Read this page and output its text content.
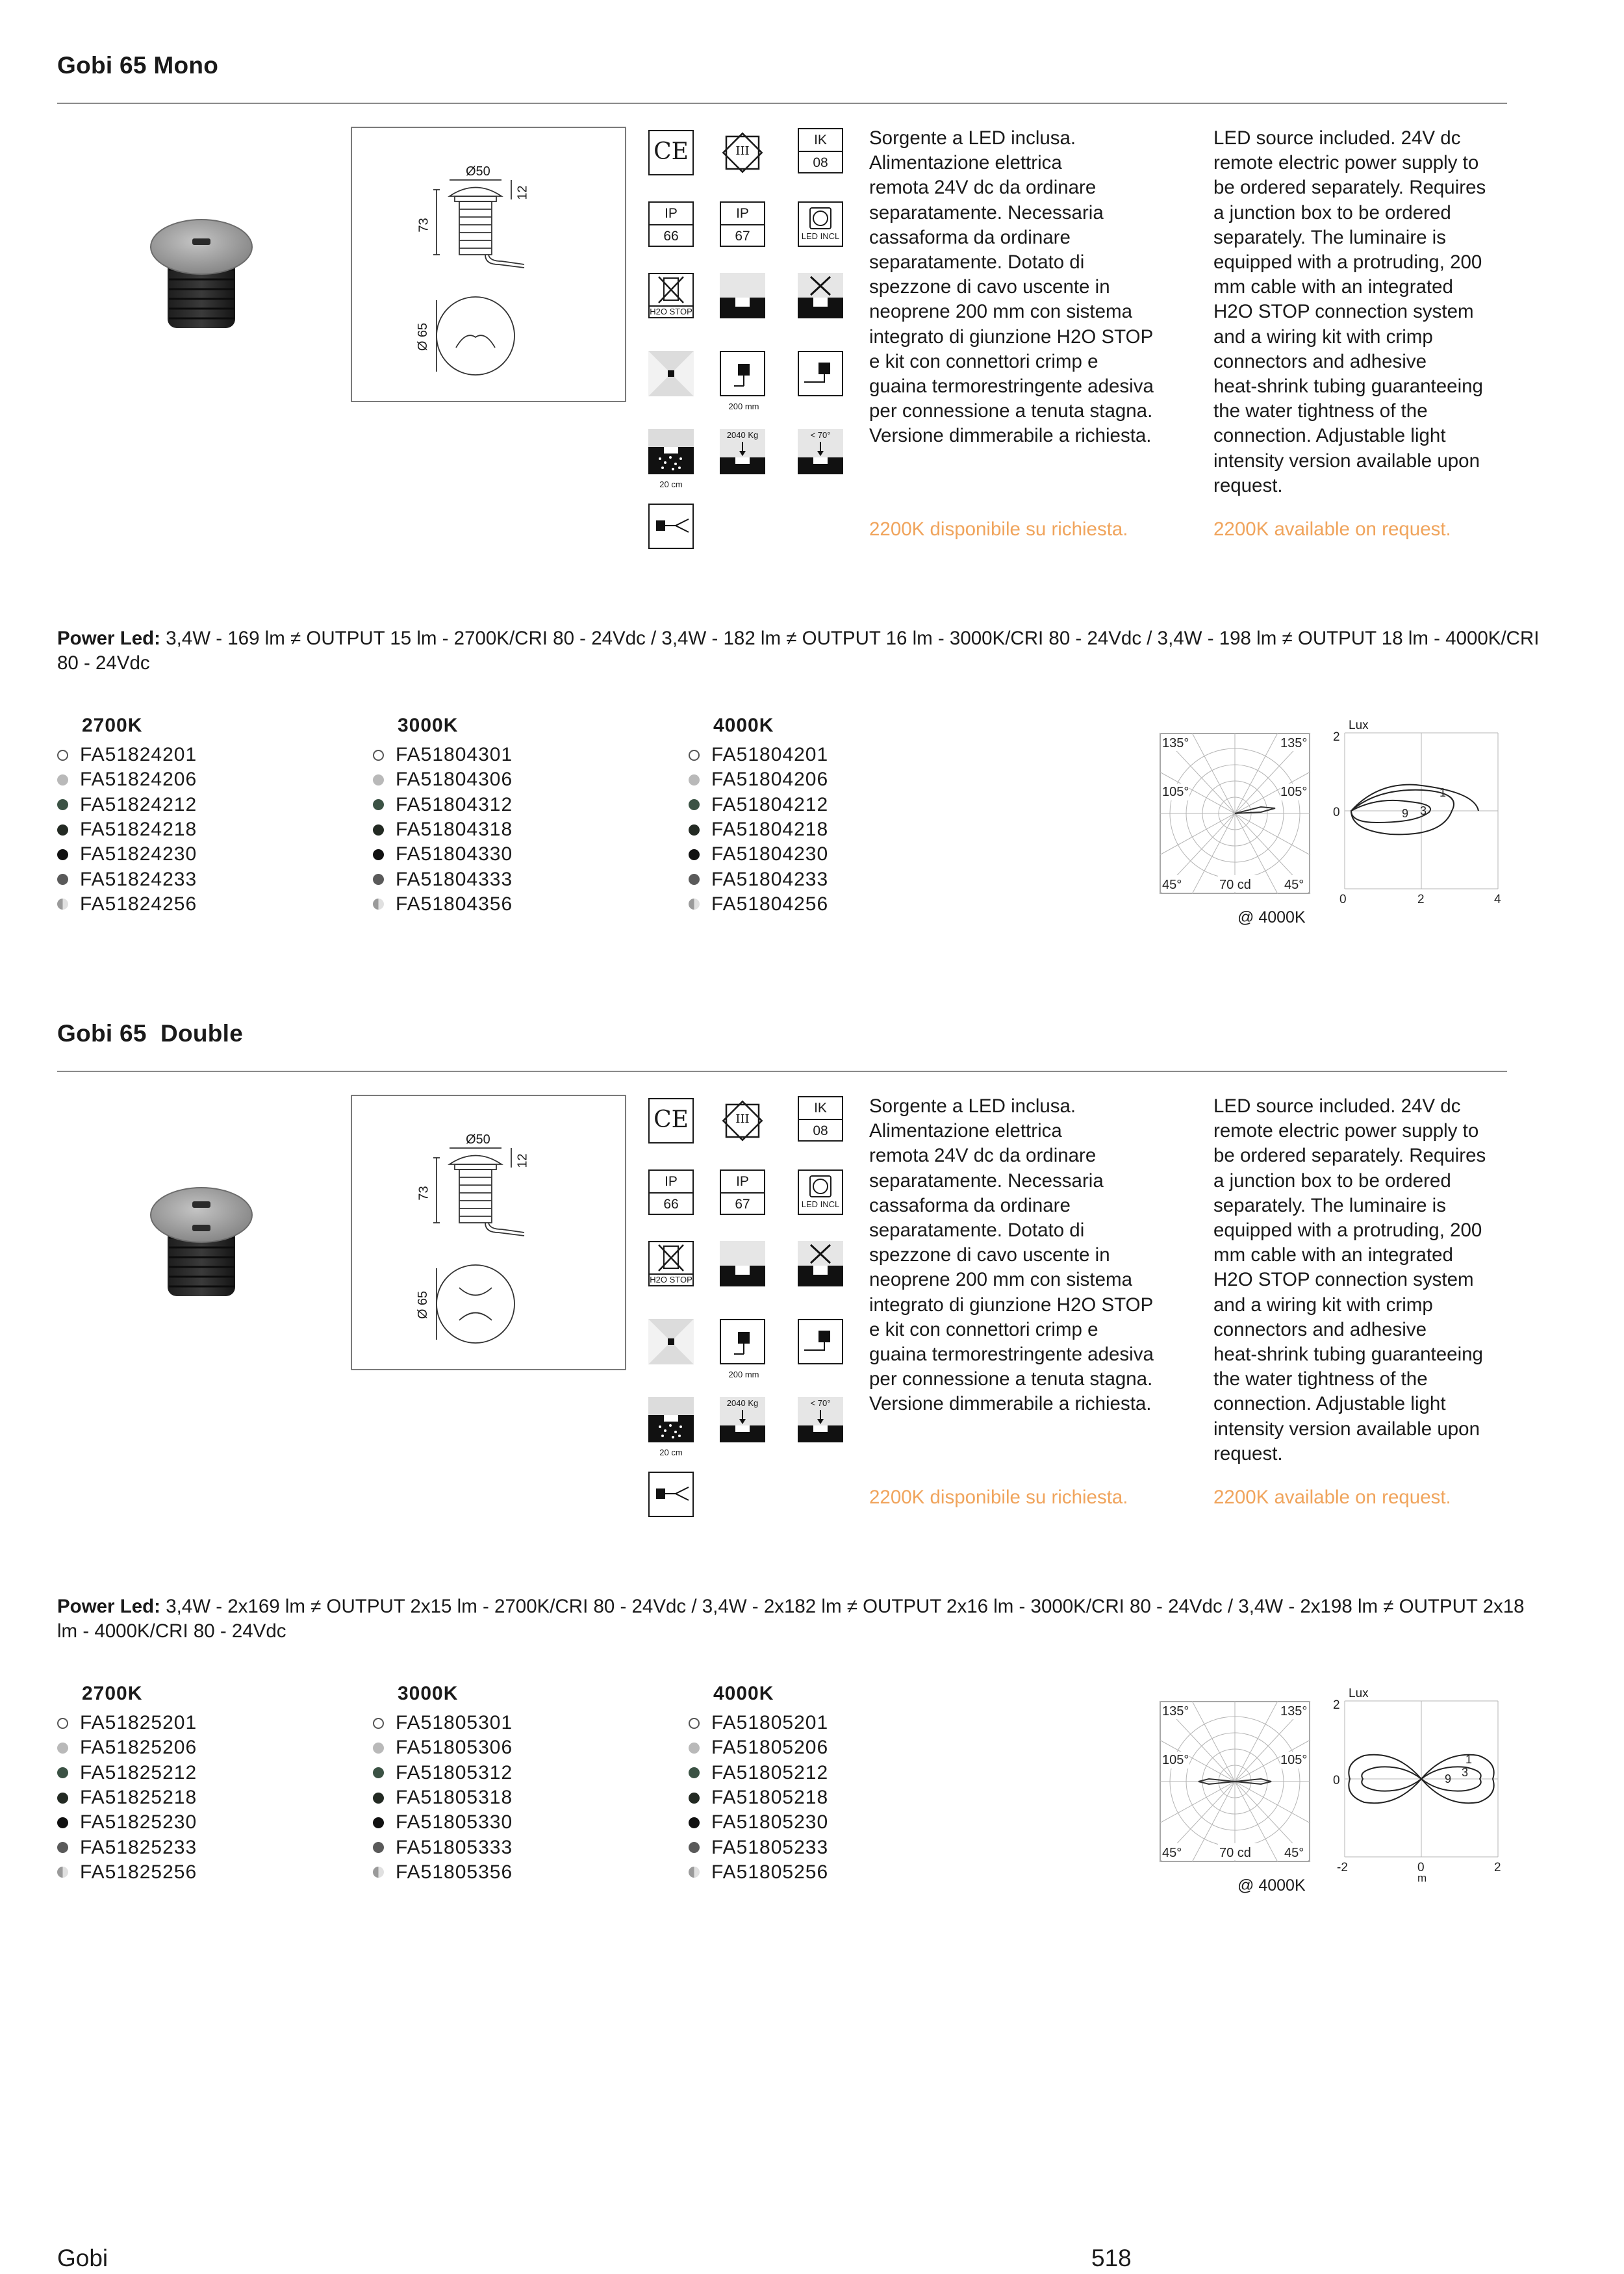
Gobi 65 Mono
Ø50
73
12
Ø 65
CE	III
IK
08
IP
66
IP
67	LED INCL
H2O STOP
200 mm
20 cm
2040 Kg	< 70°
Sorgente a LED inclusa.
Alimentazione elettrica
remota 24V dc da ordinare
separatamente. Necessaria
cassaforma da ordinare
separatamente. Dotato di
spezzone di cavo uscente in
neoprene 200 mm con sistema
integrato di giunzione H2O STOP
e kit con connettori crimp e
guaina termorestringente adesiva
per connessione a tenuta stagna.
Versione dimmerabile a richiesta.
LED source included. 24V dc
remote electric power supply to
be ordered separately. Requires
a junction box to be ordered
separately. The luminaire is
equipped with a protruding, 200
mm cable with an integrated
H2O STOP connection system
and a wiring kit with crimp
connectors and adhesive
heat-shrink tubing guaranteeing
the water tightness of the
connection. Adjustable light
intensity version available upon
request.
2200K disponibile su richiesta.	2200K available on request.
Power Led: 3,4W - 169 lm ≠ OUTPUT 15 lm - 2700K/CRI 80 - 24Vdc / 3,4W - 182 lm ≠ OUTPUT 16 lm - 3000K/CRI 80 - 24Vdc / 3,4W - 198 lm ≠ OUTPUT 18 lm - 4000K/CRI 80 - 24Vdc
2700K
FA51824201
FA51824206
FA51824212
FA51824218
FA51824230
FA51824233
FA51824256
3000K
FA51804301
FA51804306
FA51804312
FA51804318
FA51804330
FA51804333
FA51804356
4000K
FA51804201
FA51804206
FA51804212
FA51804218
FA51804230
FA51804233
FA51804256
135°	135°
105°	105°
45°	45°
70 cd
@ 4000K
Lux
2
0
0	2	4
9 3
1
Gobi 65  Double
Ø50
73
12
Ø 65
CE	III
IK
08
IP
66
IP
67	LED INCL
H2O STOP
200 mm
20 cm
2040 Kg	< 70°
Sorgente a LED inclusa.
Alimentazione elettrica
remota 24V dc da ordinare
separatamente. Necessaria
cassaforma da ordinare
separatamente. Dotato di
spezzone di cavo uscente in
neoprene 200 mm con sistema
integrato di giunzione H2O STOP
e kit con connettori crimp e
guaina termorestringente adesiva
per connessione a tenuta stagna.
Versione dimmerabile a richiesta.
LED source included. 24V dc
remote electric power supply to
be ordered separately. Requires
a junction box to be ordered
separately. The luminaire is
equipped with a protruding, 200
mm cable with an integrated
H2O STOP connection system
and a wiring kit with crimp
connectors and adhesive
heat-shrink tubing guaranteeing
the water tightness of the
connection. Adjustable light
intensity version available upon
request.
2200K disponibile su richiesta.	2200K available on request.
Power Led: 3,4W - 2x169 lm ≠ OUTPUT 2x15 lm - 2700K/CRI 80 - 24Vdc / 3,4W - 2x182 lm ≠ OUTPUT 2x16 lm - 3000K/CRI 80 - 24Vdc / 3,4W - 2x198 lm ≠ OUTPUT 2x18 lm - 4000K/CRI 80 - 24Vdc
2700K
FA51825201
FA51825206
FA51825212
FA51825218
FA51825230
FA51825233
FA51825256
3000K
FA51805301
FA51805306
FA51805312
FA51805318
FA51805330
FA51805333
FA51805356
4000K
FA51805201
FA51805206
FA51805212
FA51805218
FA51805230
FA51805233
FA51805256
135°	135°
105°	105°
45°	45°
70 cd
@ 4000K
Lux
2
0
-2	0	2
m
9 3
1
Gobi	518
